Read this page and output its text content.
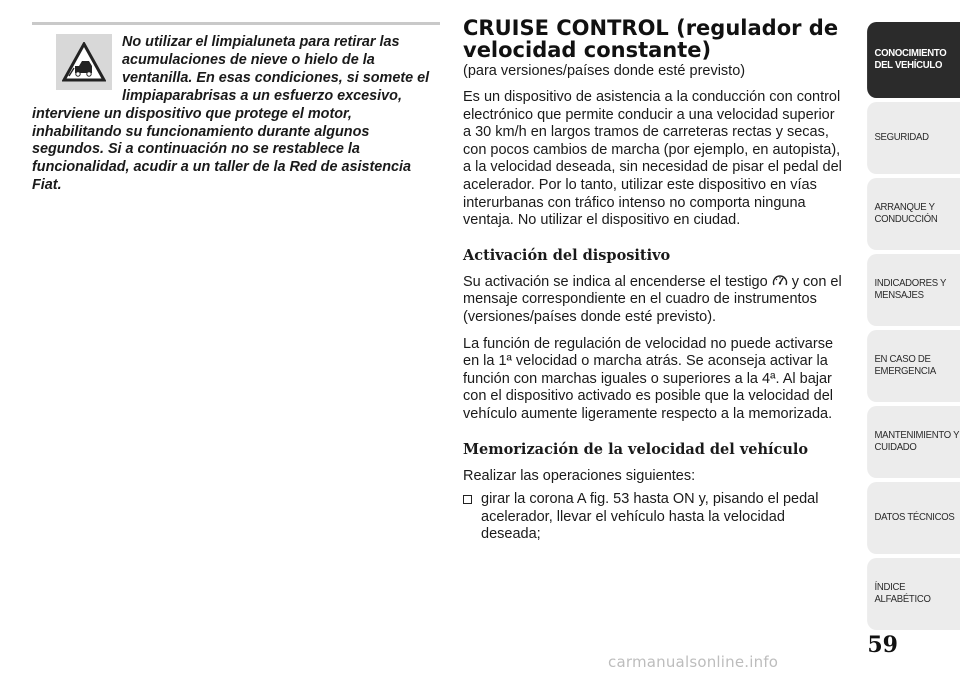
No utilizar el limpialuneta para retirar las acumulaciones de nieve o hielo de la ventanilla. En esas condiciones, si somete el limpiaparabrisas a un esfuerzo excesivo, interviene un dispositivo que protege el motor, inhabilitando su funcionamiento durante algunos segundos. Si a continuación no se restablece la funcionalidad, acudir a un taller de la Red de asistencia Fiat.

CRUISE CONTROL (regulador de velocidad constante)

(para versiones/países donde esté previsto)

Es un dispositivo de asistencia a la conducción con control electrónico que permite conducir a una velocidad superior a 30 km/h en largos tramos de carreteras rectas y secas, con pocos cambios de marcha (por ejemplo, en autopista), a la velocidad deseada, sin necesidad de pisar el pedal del acelerador. Por lo tanto, utilizar este dispositivo en vías interurbanas con tráfico intenso no comporta ninguna ventaja. No utilizar el dispositivo en ciudad.

Activación del dispositivo

Su activación se indica al encenderse el testigo  y con el mensaje correspondiente en el cuadro de instrumentos (versiones/países donde esté previsto).

La función de regulación de velocidad no puede activarse en la 1ª velocidad o marcha atrás. Se aconseja activar la función con marchas iguales o superiores a la 4ª. Al bajar con el dispositivo activado es posible que la velocidad del vehículo aumente ligeramente respecto a la memorizada.

Memorización de la velocidad del vehículo

Realizar las operaciones siguientes:

girar la corona A fig. 53 hasta ON y, pisando el pedal acelerador, llevar el vehículo hasta la velocidad deseada;

CONOCIMIENTO DEL VEHÍCULO
SEGURIDAD
ARRANQUE Y CONDUCCIÓN
INDICADORES Y MENSAJES
EN CASO DE EMERGENCIA
MANTENIMIENTO Y CUIDADO
DATOS TÉCNICOS
ÍNDICE ALFABÉTICO
59
carmanualsonline.info
